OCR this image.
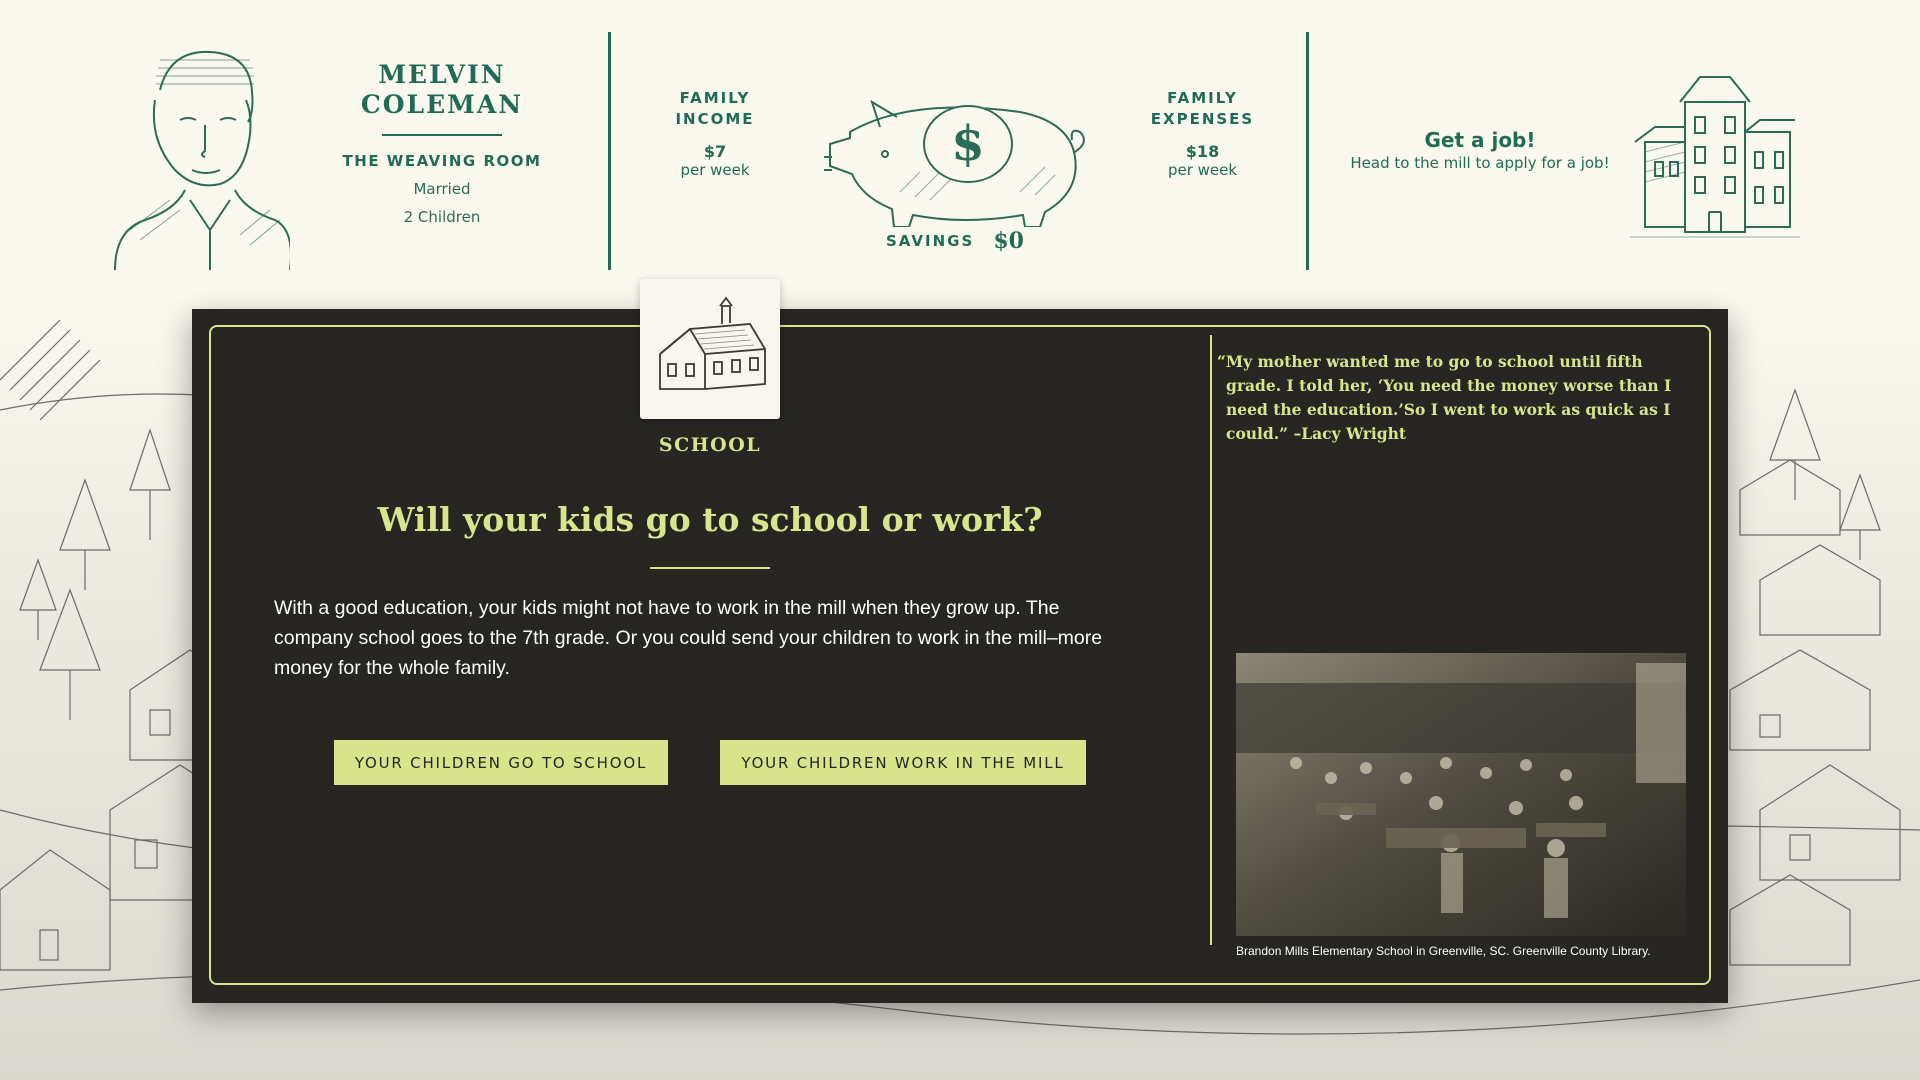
MELVIN
COLEMAN
THE WEAVING ROOM
Married
2 Children
FAMILY
INCOME
$7
per week	$
SAVINGS $0
FAMILY
EXPENSES
$18
per week
Get a job!
Head to the mill to apply for a job!
SCHOOL
Will your kids go to school or work?
With a good education, your kids might not have to work in the mill when they grow up. The company school goes to the 7th grade. Or you could send your children to work in the mill–more money for the whole family.
YOUR CHILDREN GO TO SCHOOL	YOUR CHILDREN WORK IN THE MILL
“My mother wanted me to go to school until fifth grade. I told her, ‘You need the money worse than I need the education.’So I went to work as quick as I could.” –Lacy Wright
Brandon Mills Elementary School in Greenville, SC. Greenville County Library.
